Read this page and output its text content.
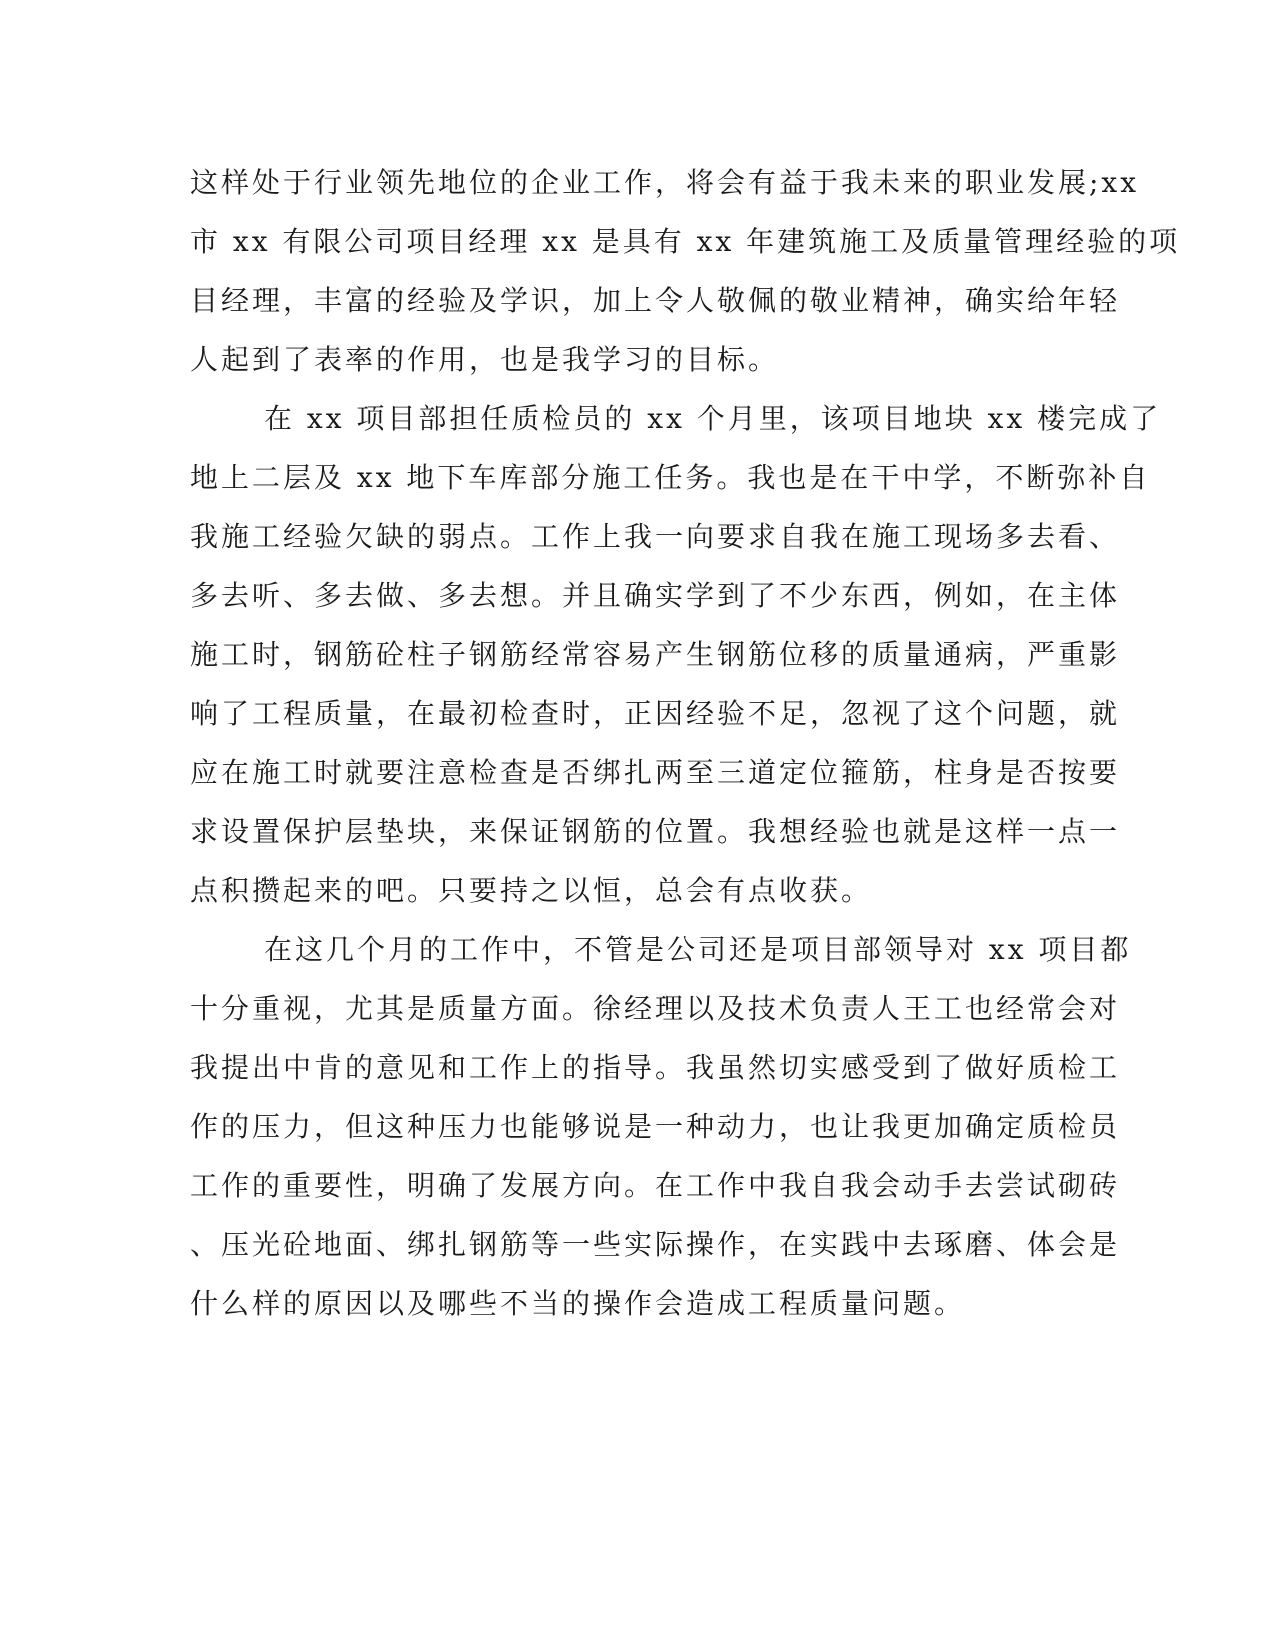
这样处于行业领先地位的企业工作，将会有益于我未来的职业发展;xx
市 xx 有限公司项目经理 xx 是具有 xx 年建筑施工及质量管理经验的项
目经理，丰富的经验及学识，加上令人敬佩的敬业精神，确实给年轻
人起到了表率的作用，也是我学习的目标。
在 xx 项目部担任质检员的 xx 个月里，该项目地块 xx 楼完成了
地上二层及 xx 地下车库部分施工任务。我也是在干中学，不断弥补自
我施工经验欠缺的弱点。工作上我一向要求自我在施工现场多去看、
多去听、多去做、多去想。并且确实学到了不少东西，例如，在主体
施工时，钢筋砼柱子钢筋经常容易产生钢筋位移的质量通病，严重影
响了工程质量，在最初检查时，正因经验不足，忽视了这个问题，就
应在施工时就要注意检查是否绑扎两至三道定位箍筋，柱身是否按要
求设置保护层垫块，来保证钢筋的位置。我想经验也就是这样一点一
点积攒起来的吧。只要持之以恒，总会有点收获。
在这几个月的工作中，不管是公司还是项目部领导对 xx 项目都
十分重视，尤其是质量方面。徐经理以及技术负责人王工也经常会对
我提出中肯的意见和工作上的指导。我虽然切实感受到了做好质检工
作的压力，但这种压力也能够说是一种动力，也让我更加确定质检员
工作的重要性，明确了发展方向。在工作中我自我会动手去尝试砌砖
、压光砼地面、绑扎钢筋等一些实际操作，在实践中去琢磨、体会是
什么样的原因以及哪些不当的操作会造成工程质量问题。
